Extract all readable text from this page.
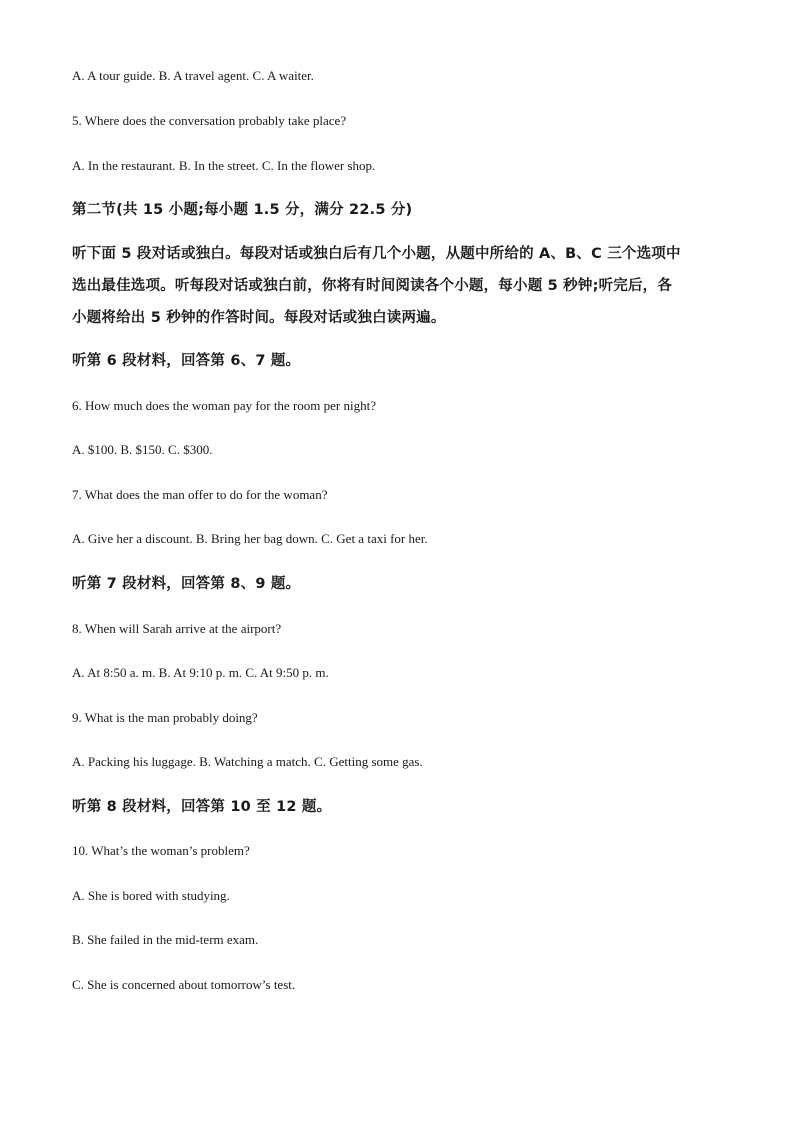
A. A tour guide. B. A travel agent. C. A waiter.
5. Where does the conversation probably take place?
A. In the restaurant. B. In the street. C. In the flower shop.
第二节(共 15 小题;每小题 1.5 分，满分 22.5 分)
听下面 5 段对话或独白。每段对话或独白后有几个小题，从题中所给的 A、B、C 三个选项中
选出最佳选项。听每段对话或独白前，你将有时间阅读各个小题，每小题 5 秒钟;听完后，各
小题将给出 5 秒钟的作答时间。每段对话或独白读两遍。
听第 6 段材料，回答第 6、7 题。
6. How much does the woman pay for the room per night?
A. $100. B. $150. C. $300.
7. What does the man offer to do for the woman?
A. Give her a discount. B. Bring her bag down. C. Get a taxi for her.
听第 7 段材料，回答第 8、9 题。
8. When will Sarah arrive at the airport?
A. At 8:50 a. m. B. At 9:10 p. m. C. At 9:50 p. m.
9. What is the man probably doing?
A. Packing his luggage. B. Watching a match. C. Getting some gas.
听第 8 段材料，回答第 10 至 12 题。
10. What’s the woman’s problem?
A. She is bored with studying.
B. She failed in the mid-term exam.
C. She is concerned about tomorrow’s test.
